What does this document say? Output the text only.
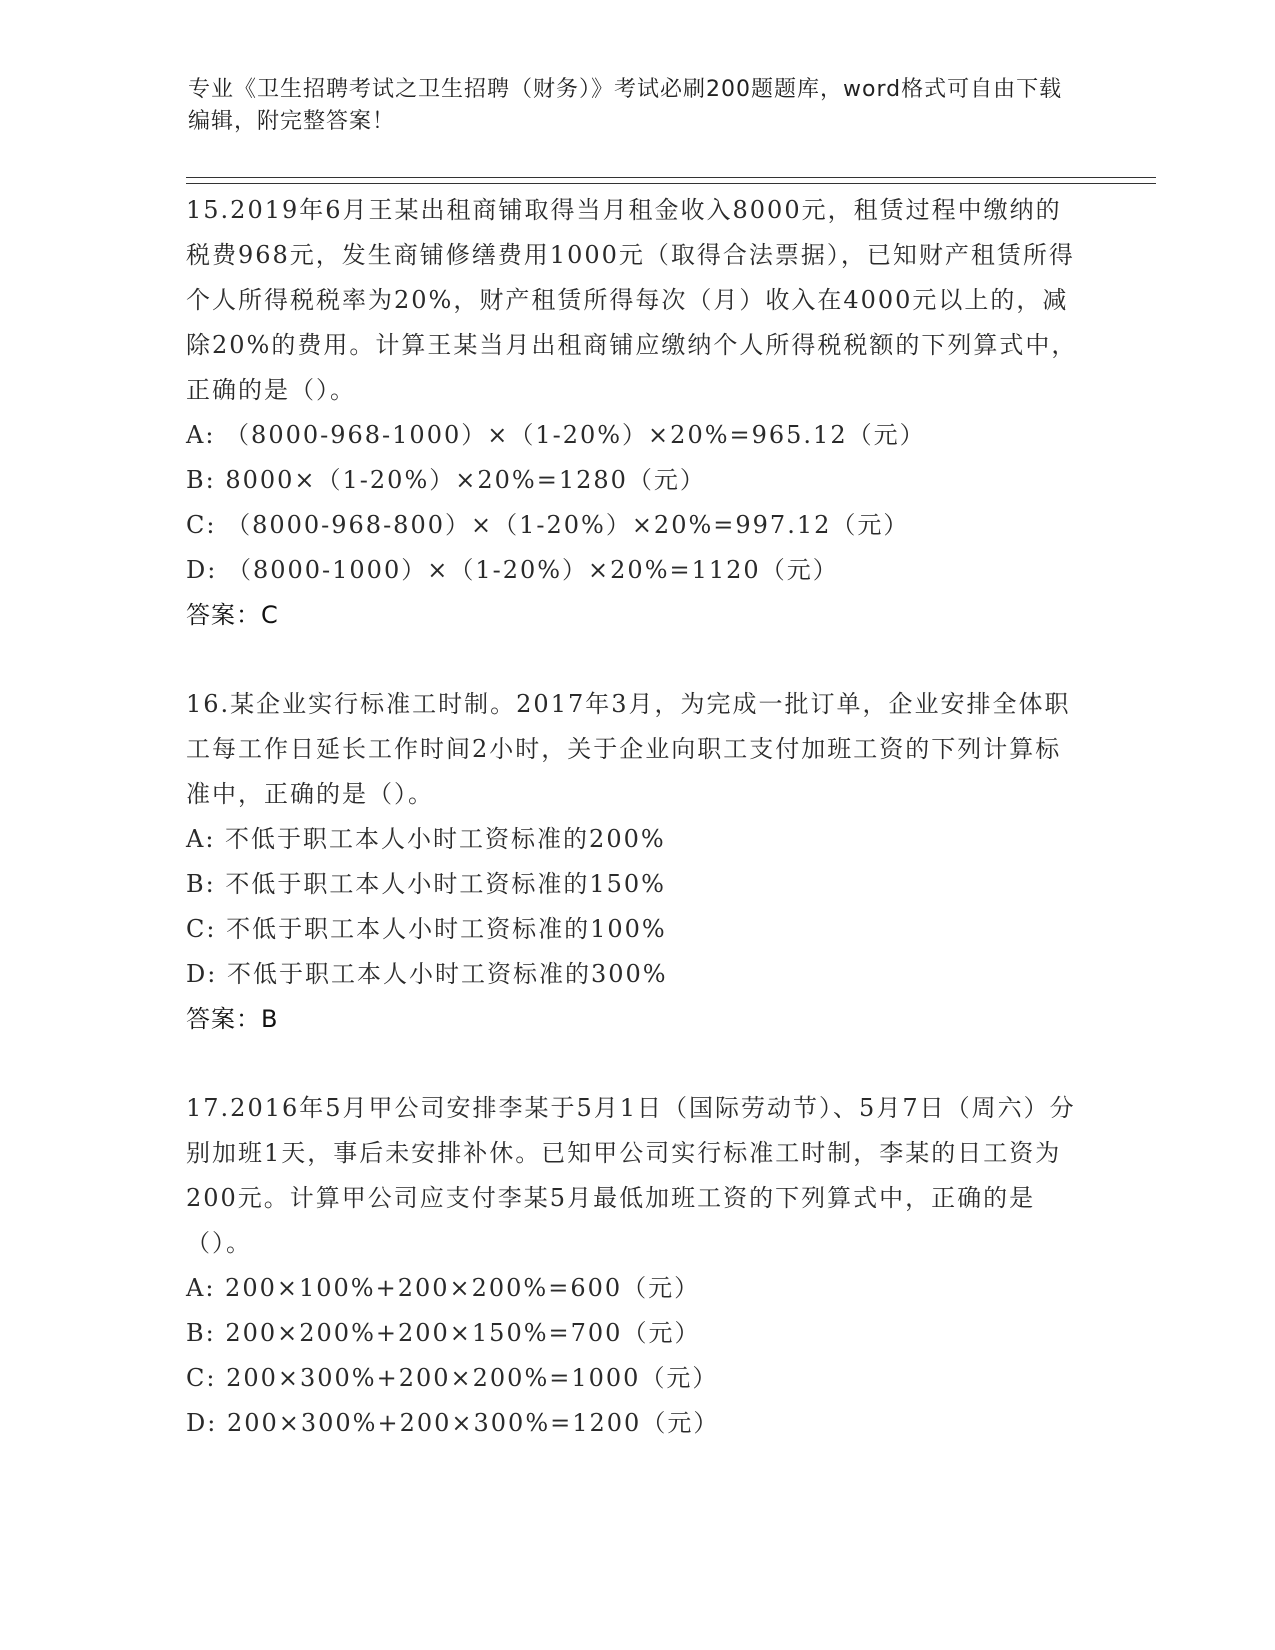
专业《卫生招聘考试之卫生招聘（财务）》考试必刷200题题库，word格式可自由下载编辑，附完整答案！

15.2019年6月王某出租商铺取得当月租金收入8000元，租赁过程中缴纳的税费968元，发生商铺修缮费用1000元（取得合法票据），已知财产租赁所得个人所得税税率为20%，财产租赁所得每次（月）收入在4000元以上的，减除20%的费用。计算王某当月出租商铺应缴纳个人所得税税额的下列算式中，正确的是（）。

A: （8000-968-1000）×（1-20%）×20%=965.12（元）

B: 8000×（1-20%）×20%=1280（元）

C: （8000-968-800）×（1-20%）×20%=997.12（元）

D: （8000-1000）×（1-20%）×20%=1120（元）

答案：C

16.某企业实行标准工时制。2017年3月，为完成一批订单，企业安排全体职工每工作日延长工作时间2小时，关于企业向职工支付加班工资的下列计算标准中，正确的是（）。

A: 不低于职工本人小时工资标准的200%

B: 不低于职工本人小时工资标准的150%

C: 不低于职工本人小时工资标准的100%

D: 不低于职工本人小时工资标准的300%

答案：B

17.2016年5月甲公司安排李某于5月1日（国际劳动节）、5月7日（周六）分别加班1天，事后未安排补休。已知甲公司实行标准工时制，李某的日工资为200元。计算甲公司应支付李某5月最低加班工资的下列算式中，正确的是（）。

A: 200×100%+200×200%=600（元）

B: 200×200%+200×150%=700（元）

C: 200×300%+200×200%=1000（元）

D: 200×300%+200×300%=1200（元）
